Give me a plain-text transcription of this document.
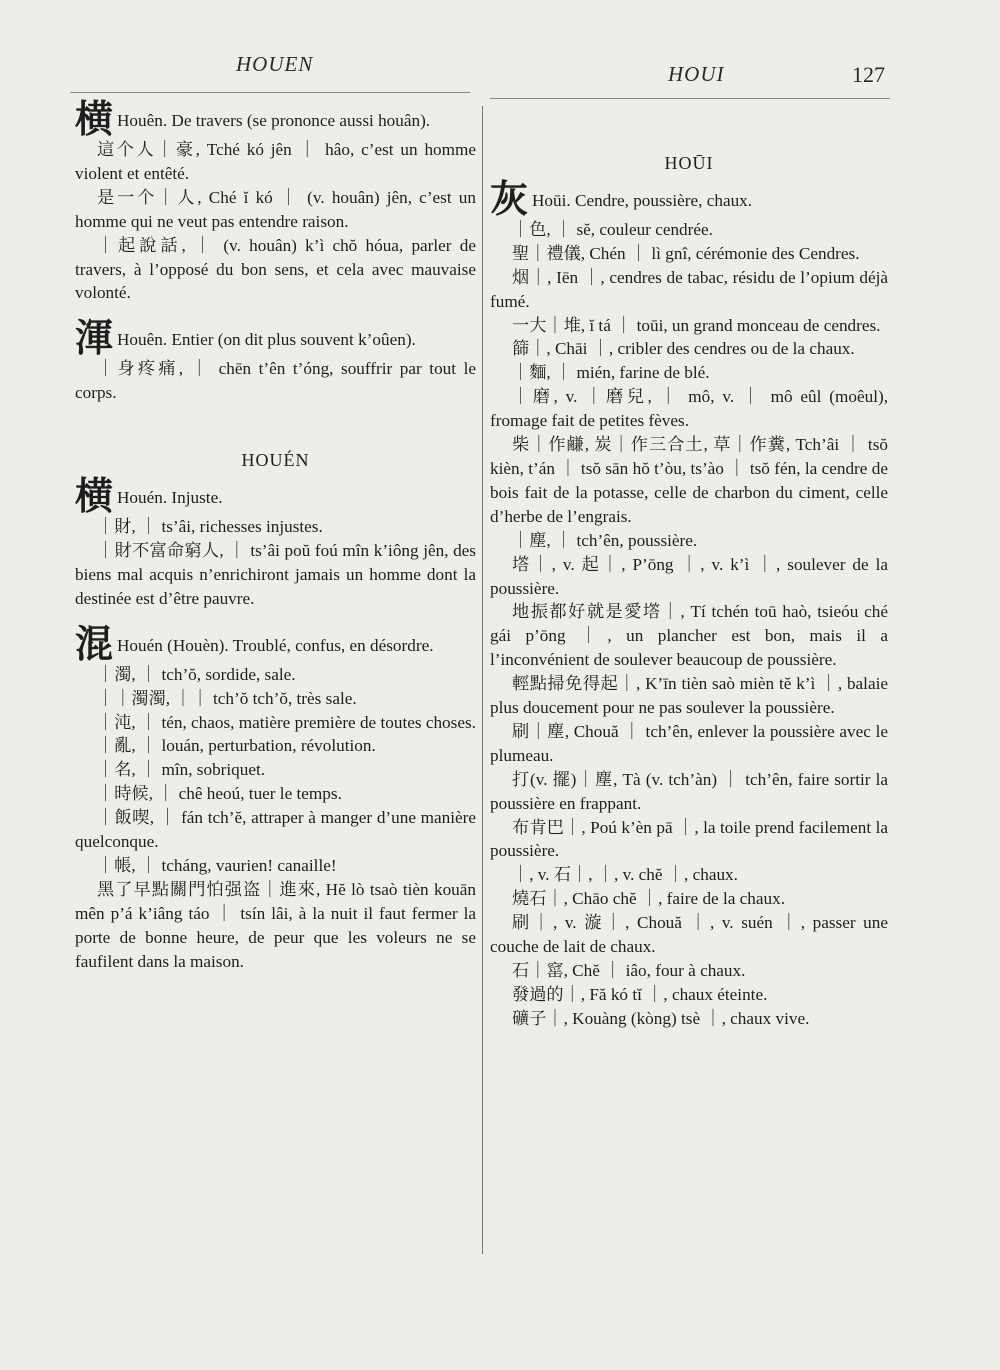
HOUEN	HOUI	127

横 Houên. De travers (se prononce aussi houân).

這个人｜豪, Tché kó jên ｜ hâo, c’est un homme violent et entêté.

是一个｜人, Ché ĭ kó ｜ (v. houân) jên, c’est un homme qui ne veut pas entendre raison.

｜起說話, ｜ (v. houân) k’ì chŏ hóua, parler de travers, à l’opposé du bon sens, et cela avec mauvaise volonté.

渾 Houên. Entier (on dit plus souvent k’oûen).

｜身疼痛, ｜ chēn t’ên t’óng, souffrir par tout le corps.

HOUÉN

横 Houén. Injuste.

｜財, ｜ ts’âi, richesses injustes.

｜財不富命窮人, ｜ ts’âi poŭ foú mîn k’iông jên, des biens mal acquis n’enrichiront jamais un homme dont la destinée est d’être pauvre.

混 Houén (Houèn). Troublé, confus, en désordre.

｜濁, ｜ tch’ŏ, sordide, sale.

｜｜濁濁, ｜｜ tch’ŏ tch’ŏ, très sale.

｜沌, ｜ tén, chaos, matière première de toutes choses.

｜亂, ｜ louán, perturbation, révolution.

｜名, ｜ mîn, sobriquet.

｜時候, ｜ chê heoú, tuer le temps.

｜飯喫, ｜ fán tch’ĕ, attraper à manger d’une manière quelconque.

｜帳, ｜ tcháng, vaurien! canaille!

黑了早點關門怕强盗｜進來, Hĕ lò tsaò tièn kouān mên p’á k’iâng táo ｜ tsín lâi, à la nuit il faut fermer la porte de bonne heure, de peur que les voleurs ne se faufilent dans la maison.

HOŪI

灰 Hoūi. Cendre, poussière, chaux.

｜色, ｜ sĕ, couleur cendrée.

聖｜禮儀, Chén ｜ lì gnî, cérémonie des Cendres.

烟｜, Iēn ｜, cendres de tabac, résidu de l’opium déjà fumé.

一大｜堆, ĭ tá ｜ toūi, un grand monceau de cendres.

篩｜, Chāi ｜, cribler des cendres ou de la chaux.

｜麵, ｜ mién, farine de blé.

｜磨, v. ｜磨兒, ｜ mô, v. ｜ mô eûl (moêul), fromage fait de petites fèves.

柴｜作鹻, 炭｜作三合土, 草｜作糞, Tch’âi ｜ tsŏ kièn, t’án ｜ tsŏ sān hŏ t’òu, ts’ào ｜ tsŏ fén, la cendre de bois fait de la potasse, celle de charbon du ciment, celle d’herbe de l’engrais.

｜塵, ｜ tch’ên, poussière.

㙮｜, v. 起｜, P’ōng ｜, v. k’ì ｜, soulever de la poussière.

地振都好就是愛㙮｜, Tí tchén toū haò, tsieóu ché gái p’ōng ｜, un plancher est bon, mais il a l’inconvénient de soulever beaucoup de poussière.

輕點掃免得起｜, K’īn tièn saò mièn tĕ k’ì ｜, balaie plus doucement pour ne pas soulever la poussière.

刷｜塵, Chouă ｜ tch’ên, enlever la poussière avec le plumeau.

打(v. 擺)｜塵, Tà (v. tch’àn) ｜ tch’ên, faire sortir la poussière en frappant.

布肯巴｜, Poú k’èn pā ｜, la toile prend facilement la poussière.

｜, v. 石｜, ｜, v. chĕ ｜, chaux.

燒石｜, Chāo chĕ ｜, faire de la chaux.

刷｜, v. 漩｜, Chouă ｜, v. suén ｜, passer une couche de lait de chaux.

石｜窰, Chĕ ｜ iâo, four à chaux.

發過的｜, Fă kó tĭ ｜, chaux éteinte.

礦子｜, Kouàng (kòng) tsè ｜, chaux vive.
